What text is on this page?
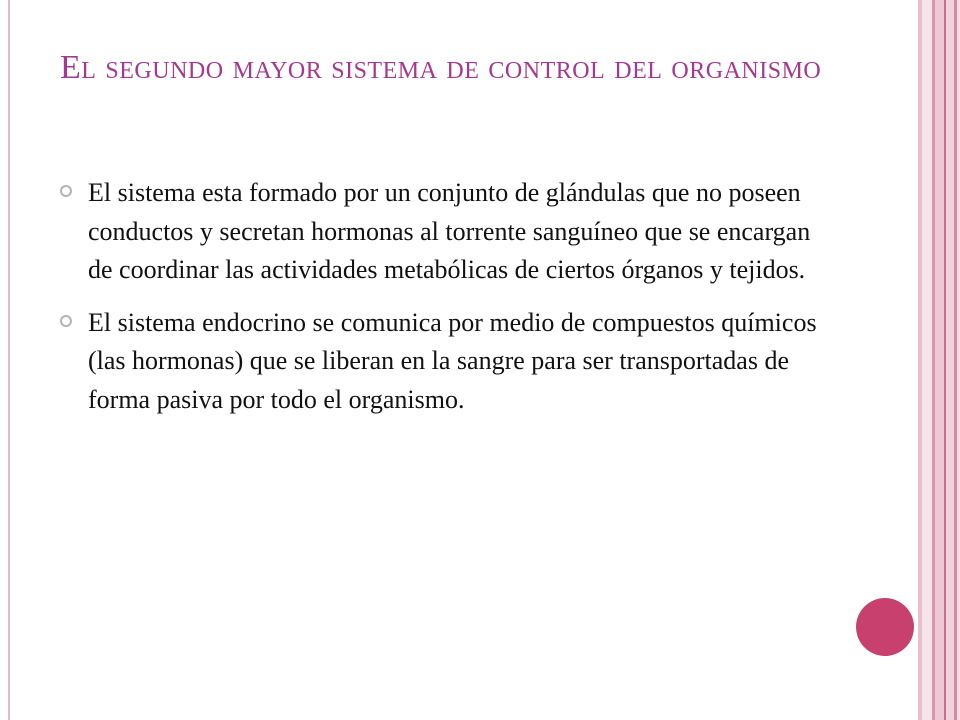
El segundo mayor sistema de control del organismo
El sistema esta formado por un conjunto de glándulas que no poseen conductos y secretan hormonas al torrente sanguíneo que se encargan de coordinar las actividades metabólicas de ciertos órganos y tejidos.
El sistema endocrino se comunica por medio de compuestos químicos (las hormonas) que se liberan en la sangre para ser transportadas de forma pasiva por todo el organismo.
